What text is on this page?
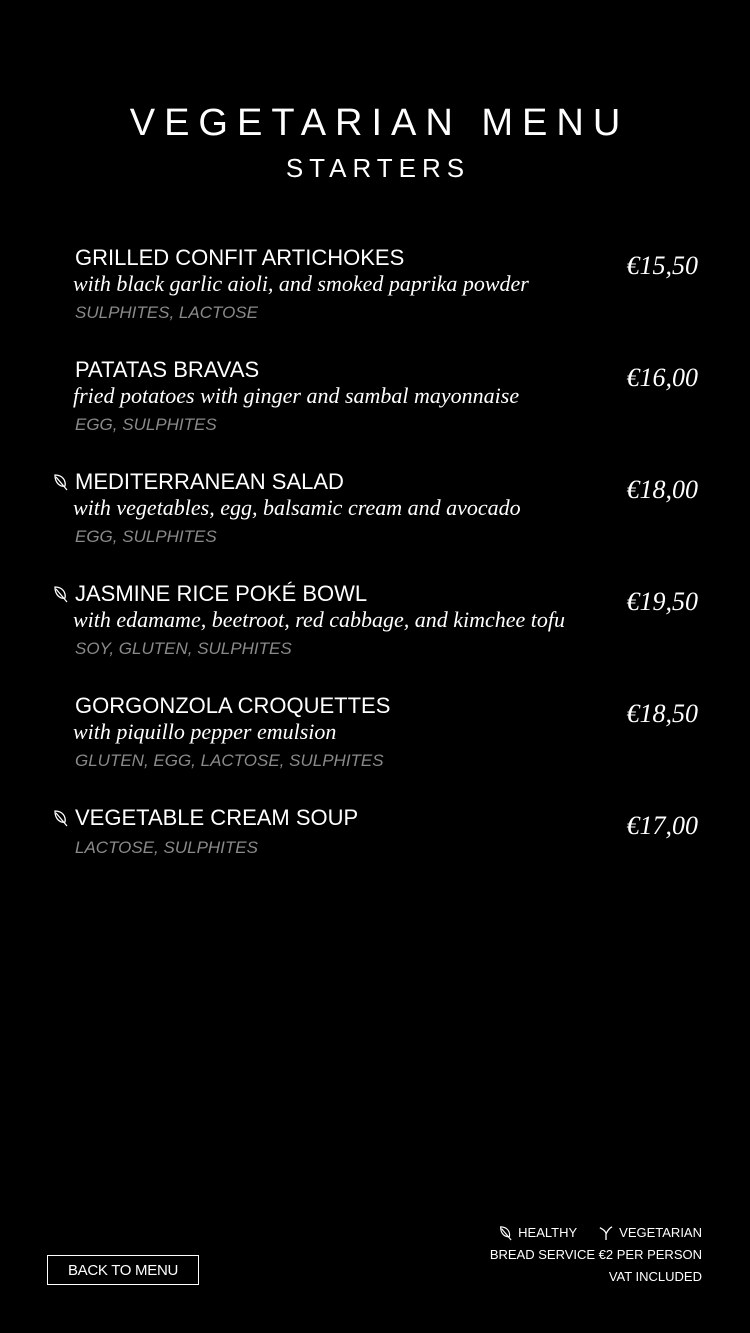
VEGETARIAN MENU
STARTERS
GRILLED CONFIT ARTICHOKES
with black garlic aioli, and smoked paprika powder
SULPHITES, LACTOSE
€15,50
PATATAS BRAVAS
fried potatoes with ginger and sambal mayonnaise
EGG, SULPHITES
€16,00
MEDITERRANEAN SALAD
with vegetables, egg, balsamic cream and avocado
EGG, SULPHITES
€18,00
JASMINE RICE POKÉ BOWL
with edamame, beetroot, red cabbage, and kimchee tofu
SOY, GLUTEN, SULPHITES
€19,50
GORGONZOLA CROQUETTES
with piquillo pepper emulsion
GLUTEN, EGG, LACTOSE, SULPHITES
€18,50
VEGETABLE CREAM SOUP
LACTOSE, SULPHITES
€17,00
HEALTHY	VEGETARIAN
BREAD SERVICE €2 PER PERSON
VAT INCLUDED
BACK TO MENU
